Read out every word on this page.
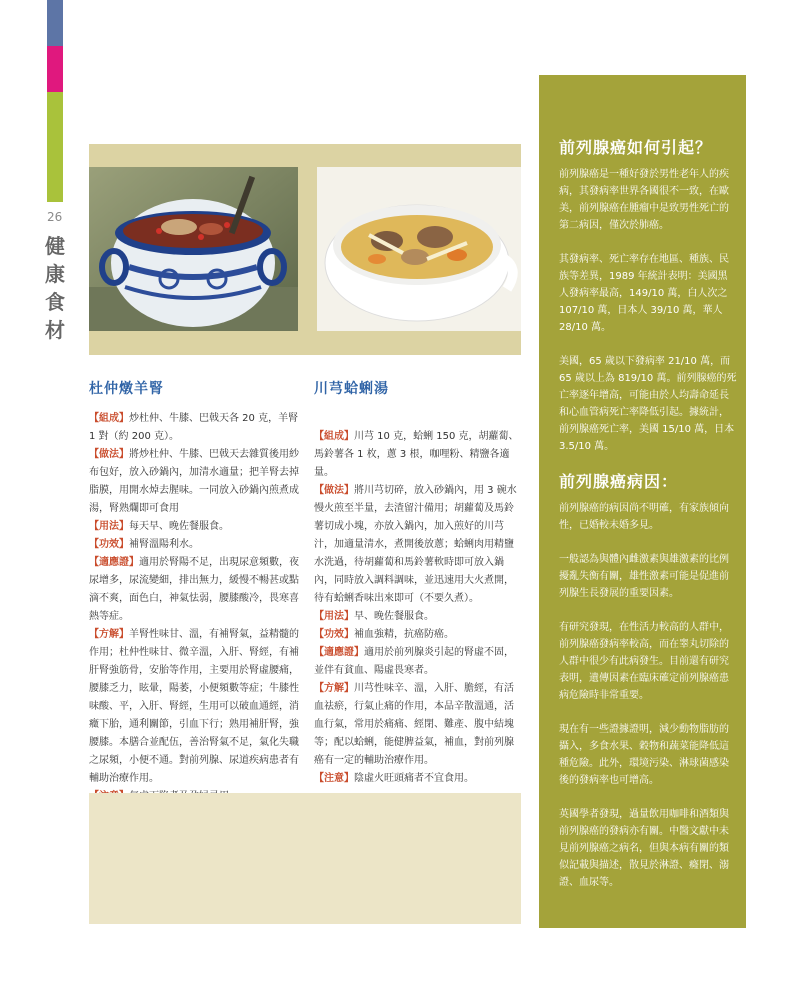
26
健
康
食
材
杜仲燉羊腎

【組成】炒杜仲、牛膝、巴戟天各 20 克，羊腎 1 對（約 200 克）。

【做法】將炒杜仲、牛膝、巴戟天去雜質後用紗布包好，放入砂鍋內，加清水適量；把羊腎去掉脂膜，用開水焯去腥味。一同放入砂鍋內煎煮成湯，腎熟爛即可食用

【用法】每天早、晚佐餐服食。

【功效】補腎溫陽利水。

【適應證】適用於腎陽不足，出現尿意頻數，夜尿增多，尿流變細，排出無力，緩慢不暢甚或點滴不爽，面色白，神氣怯弱，腰膝酸冷，畏寒喜熱等症。

【方解】羊腎性味甘、溫，有補腎氣，益精髓的作用；杜仲性味甘、微辛溫，入肝、腎經，有補肝腎強筋骨，安胎等作用，主要用於腎虛腰痛，腰膝乏力，眩暈，陽萎，小便頻數等症；牛膝性味酸、平，入肝、腎經，生用可以破血通經，消癥下胎，通利關節，引血下行；熟用補肝腎，強腰膝。本膳合並配伍，善治腎氣不足，氣化失職之尿頻，小便不通。對前列腺、尿道疾病患者有輔助治療作用。

川芎蛤蜊湯

【組成】川芎 10 克，蛤蜊 150 克，胡蘿蔔、馬鈴薯各 1 枚，蔥 3 根，咖哩粉、精鹽各適量。

【做法】將川芎切碎，放入砂鍋內，用 3 碗水慢火煎至半量，去渣留汁備用；胡蘿蔔及馬鈴薯切成小塊，亦放入鍋內，加入煎好的川芎汁，加適量清水，煮開後放蔥；蛤蜊肉用精鹽水洗過，待胡蘿蔔和馬鈴薯軟時即可放入鍋內，同時放入調料調味，並迅速用大火煮開，待有蛤蜊香味出來即可（不要久煮）。

【用法】早、晚佐餐服食。

【功效】補血強精，抗癌防癌。

【適應證】適用於前列腺炎引起的腎虛不固，並伴有貧血、陽虛畏寒者。

【方解】川芎性味辛、溫，入肝、膽經，有活血祛瘀，行氣止痛的作用，本品辛散溫通，活血行氣，常用於痛痛、經閉、難產、腹中結塊等；配以蛤蜊，能健脾益氣，補血，對前列腺癌有一定的輔助治療作用。

【注意】陰虛火旺頭痛者不宜食用。

前列腺癌如何引起？

前列腺癌是一種好發於男性老年人的疾病，其發病率世界各國很不一致，在歐美，前列腺癌在腫瘤中是致男性死亡的第二病因，僅次於肺癌。

其發病率、死亡率存在地區、種族、民族等差異，1989 年統計表明：美國黑人發病率最高，149/10 萬，白人次之 107/10 萬，日本人 39/10 萬，華人 28/10 萬。

美國，65 歲以下發病率 21/10 萬，而 65 歲以上為 819/10 萬。前列腺癌的死亡率逐年增高，可能由於人均壽命延長和心血管病死亡率降低引起。據統計，前列腺癌死亡率，美國 15/10 萬，日本 3.5/10 萬。

前列腺癌病因：

前列腺癌的病因尚不明確，有家族傾向性，已婚較未婚多見。

一般認為與體內雌激素與雄激素的比例擾亂失衡有關，雄性激素可能是促進前列腺生長發展的重要因素。

有研究發現，在性活力較高的人群中，前列腺癌發病率較高，而在睾丸切除的人群中很少有此病發生。目前還有研究表明，遺傳因素在臨床確定前列腺癌患病危險時非常重要。

現在有一些證據證明，減少動物脂肪的攝入，多食水果、穀物和蔬菜能降低這種危險。此外，環境污染、淋球菌感染後的發病率也可增高。

英國學者發現，過量飲用咖啡和酒類與前列腺癌的發病亦有關。中醫文獻中未見前列腺癌之病名，但與本病有關的類似記載與描述，散見於淋證、癃閉、溺證、血尿等。
